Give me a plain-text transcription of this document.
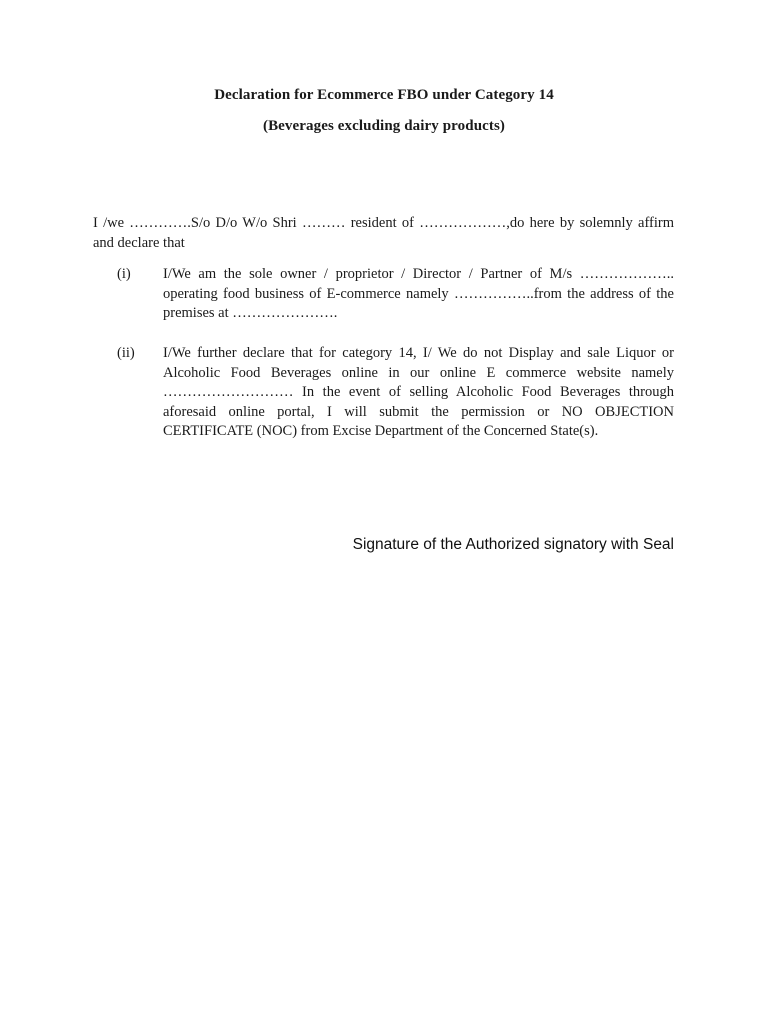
Declaration for Ecommerce FBO under Category 14
(Beverages excluding dairy products)
I /we ………….S/o D/o W/o Shri ……… resident of ………………,do here by solemnly affirm and declare that
(i)	I/We am the sole owner / proprietor / Director / Partner of M/s ……………….. operating food business of E-commerce namely ……………..from the address of the premises at ………………….
(ii)	I/We further declare that for category 14, I/ We do not Display and sale Liquor or Alcoholic Food Beverages online in our online E commerce website namely ……………………… In the event of selling Alcoholic Food Beverages through aforesaid online portal, I will submit the permission or NO OBJECTION CERTIFICATE (NOC) from Excise Department of the Concerned State(s).
Signature of the Authorized signatory with Seal
